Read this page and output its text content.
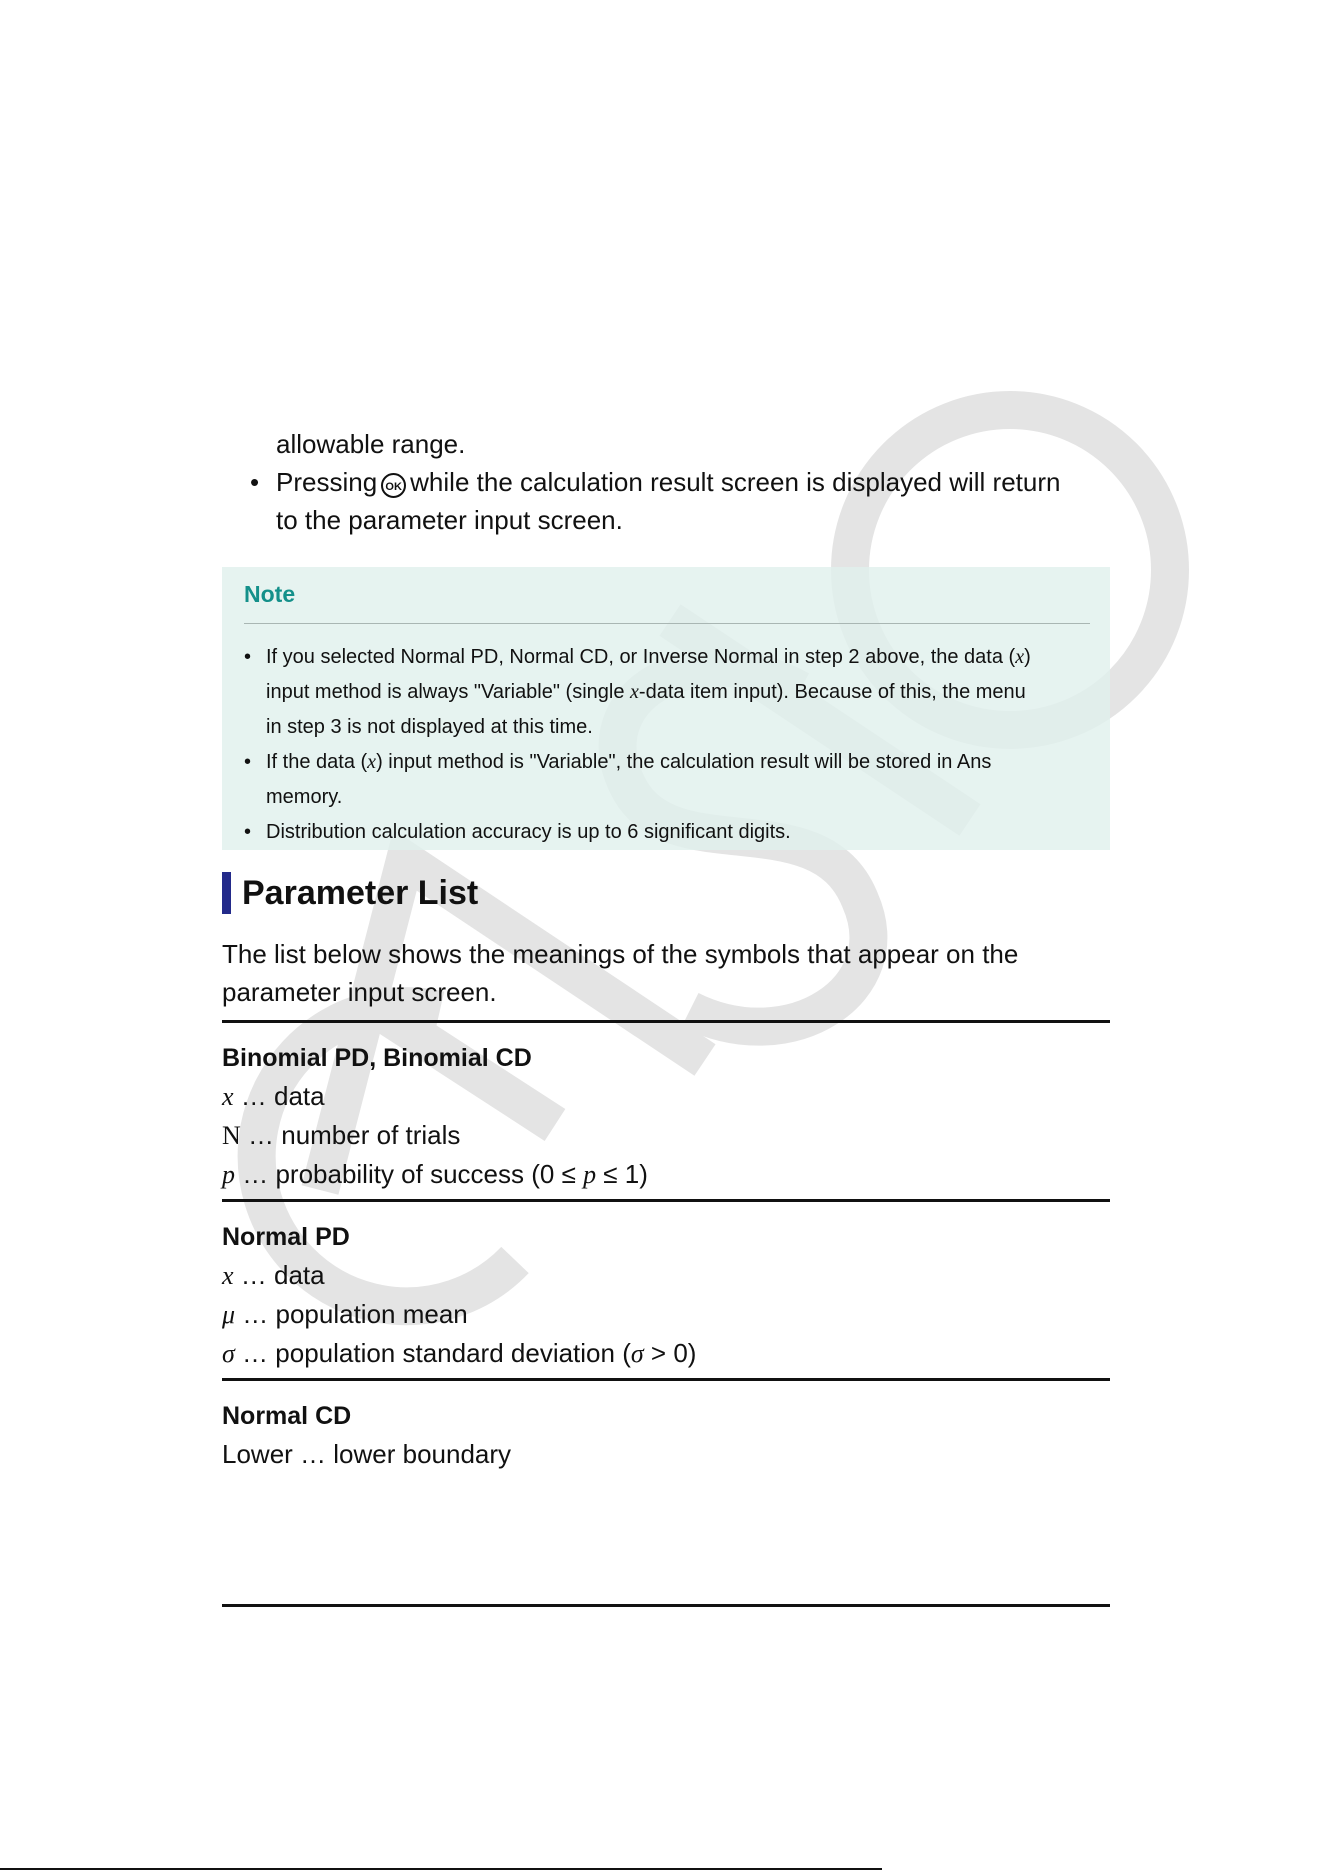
allowable range.
• Pressing OK while the calculation result screen is displayed will return
to the parameter input screen.
Note
• If you selected Normal PD, Normal CD, or Inverse Normal in step 2 above, the data (x)
input method is always "Variable" (single x-data item input). Because of this, the menu
in step 3 is not displayed at this time.
• If the data (x) input method is "Variable", the calculation result will be stored in Ans
memory.
• Distribution calculation accuracy is up to 6 significant digits.
Parameter List

The list below shows the meanings of the symbols that appear on the parameter input screen.

Binomial PD, Binomial CD
x … data
N … number of trials
p … probability of success (0 ≤ p ≤ 1)
Normal PD
x … data
μ … population mean
σ … population standard deviation (σ > 0)
Normal CD
Lower … lower boundary
